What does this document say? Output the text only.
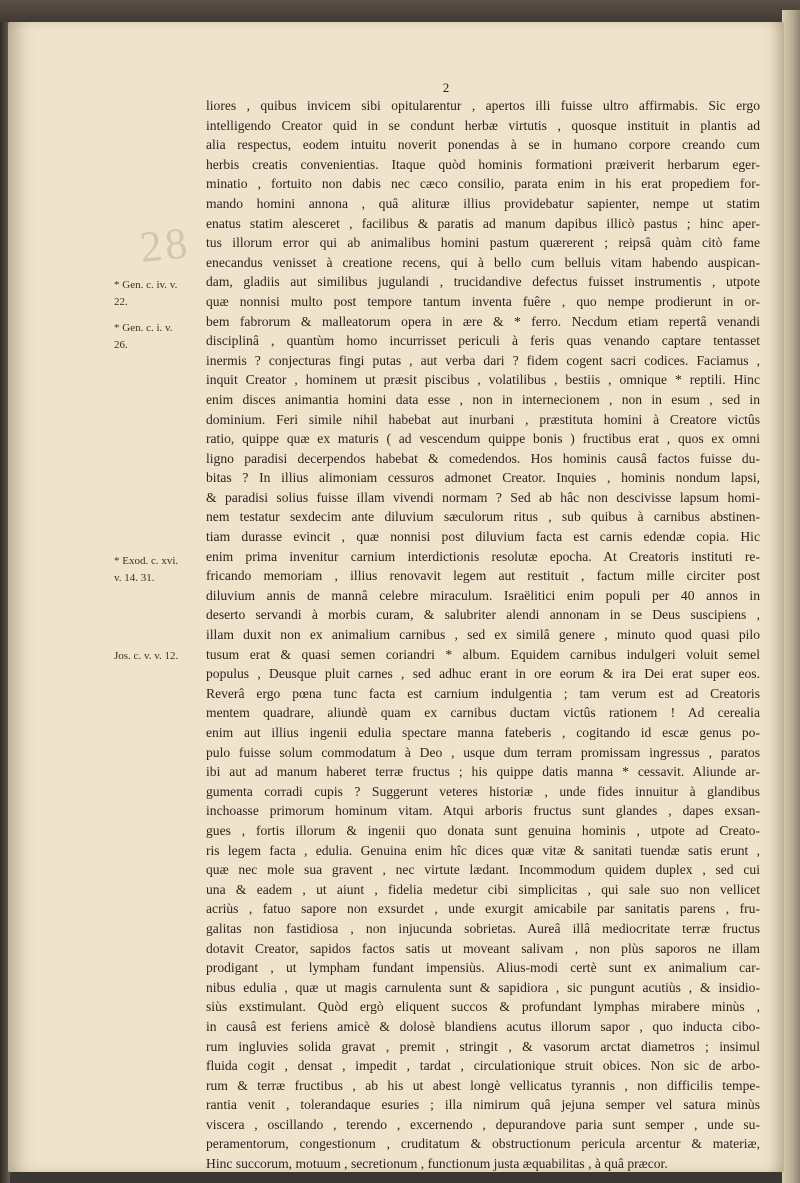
2 8
2
* Gen. c. iv. v.
22.
* Gen. c. i. v.
26.
* Exod. c. xvi.
v. 14. 31.
Jos. c. v. v. 12.
liores , quibus invicem sibi opitularentur , apertos illi fuisse ultro affirmabis. Sic ergo
intelligendo Creator quid in se condunt herbæ virtutis , quosque instituit in plantis ad
alia respectus, eodem intuitu noverit ponendas à se in humano corpore creando cum
herbis creatis convenientias. Itaque quòd hominis formationi præiverit herbarum eger-
minatio , fortuito non dabis nec cæco consilio, parata enim in his erat propediem for-
mando homini annona , quâ alituræ illius providebatur sapienter, nempe ut statim
enatus statim alesceret , facilibus & paratis ad manum dapibus illicò pastus ; hinc aper-
tus illorum error qui ab animalibus homini pastum quærerent ; reipsâ quàm citò fame
enecandus venisset à creatione recens, qui à bello cum belluis vitam habendo auspican-
dam, gladiis aut similibus jugulandi , trucidandive defectus fuisset instrumentis , utpote
quæ nonnisi multo post tempore tantum inventa fuêre , quo nempe prodierunt in or-
bem fabrorum & malleatorum opera in ære & * ferro. Necdum etiam repertâ venandi
disciplinâ , quantùm homo incurrisset periculi à feris quas venando captare tentasset
inermis ? conjecturas fingi putas , aut verba dari ? fidem cogent sacri codices. Faciamus ,
inquit Creator , hominem ut præsit piscibus , volatilibus , bestiis , omnique * reptili. Hinc
enim disces animantia homini data esse , non in internecionem , non in esum , sed in
dominium. Feri simile nihil habebat aut inurbani , præstituta homini à Creatore victûs
ratio, quippe quæ ex maturis ( ad vescendum quippe bonis ) fructibus erat , quos ex omni
ligno paradisi decerpendos habebat & comedendos. Hos hominis causâ factos fuisse du-
bitas ? In illius alimoniam cessuros admonet Creator. Inquies , hominis nondum lapsi,
& paradisi solius fuisse illam vivendi normam ? Sed ab hâc non descivisse lapsum homi-
nem testatur sexdecim ante diluvium sæculorum ritus , sub quibus à carnibus abstinen-
tiam durasse evincit , quæ nonnisi post diluvium facta est carnis edendæ copia. Hic
enim prima invenitur carnium interdictionis resolutæ epocha. At Creatoris instituti re-
fricando memoriam , illius renovavit legem aut restituit , factum mille circiter post
diluvium annis de mannâ celebre miraculum. Israëlitici enim populi per 40 annos in
deserto servandi à morbis curam, & salubriter alendi annonam in se Deus suscipiens ,
illam duxit non ex animalium carnibus , sed ex similâ genere , minuto quod quasi pilo
tusum erat & quasi semen coriandri * album. Equidem carnibus indulgeri voluit semel
populus , Deusque pluit carnes , sed adhuc erant in ore eorum & ira Dei erat super eos.
Reverâ ergo pœna tunc facta est carnium indulgentia ; tam verum est ad Creatoris
mentem quadrare, aliundè quam ex carnibus ductam victûs rationem ! Ad cerealia
enim aut illius ingenii edulia spectare manna fateberis , cogitando id escæ genus po-
pulo fuisse solum commodatum à Deo , usque dum terram promissam ingressus , paratos
ibi aut ad manum haberet terræ fructus ; his quippe datis manna * cessavit. Aliunde ar-
gumenta corradi cupis ? Suggerunt veteres historiæ , unde fides innuitur à glandibus
inchoasse primorum hominum vitam. Atqui arboris fructus sunt glandes , dapes exsan-
gues , fortis illorum & ingenii quo donata sunt genuina hominis , utpote ad Creato-
ris legem facta , edulia. Genuina enim hîc dices quæ vitæ & sanitati tuendæ satis erunt ,
quæ nec mole sua gravent , nec virtute lædant. Incommodum quidem duplex , sed cui
una & eadem , ut aiunt , fidelia medetur cibi simplicitas , qui sale suo non vellicet
acriùs , fatuo sapore non exsurdet , unde exurgit amicabile par sanitatis parens , fru-
galitas non fastidiosa , non injucunda sobrietas. Aureâ illâ mediocritate terræ fructus
dotavit Creator, sapidos factos satis ut moveant salivam , non plùs saporos ne illam
prodigant , ut lympham fundant impensiùs. Alius-modi certè sunt ex animalium car-
nibus edulia , quæ ut magis carnulenta sunt & sapidiora , sic pungunt acutiùs , & insidio-
siùs exstimulant. Quòd ergò eliquent succos & profundant lymphas mirabere minùs ,
in causâ est feriens amicè & dolosè blandiens acutus illorum sapor , quo inducta cibo-
rum ingluvies solida gravat , premit , stringit , & vasorum arctat diametros ; insimul
fluida cogit , densat , impedit , tardat , circulationique struit obices. Non sic de arbo-
rum & terræ fructibus , ab his ut abest longè vellicatus tyrannis , non difficilis tempe-
rantia venit , tolerandaque esuries ; illa nimirum quâ jejuna semper vel satura minùs
viscera , oscillando , terendo , excernendo , depurandove paria sunt semper , unde su-
peramentorum, congestionum , cruditatum & obstructionum pericula arcentur & materiæ,
Hinc succorum, motuum , secretionum , functionum justa æquabilitas , à quâ præcor.
